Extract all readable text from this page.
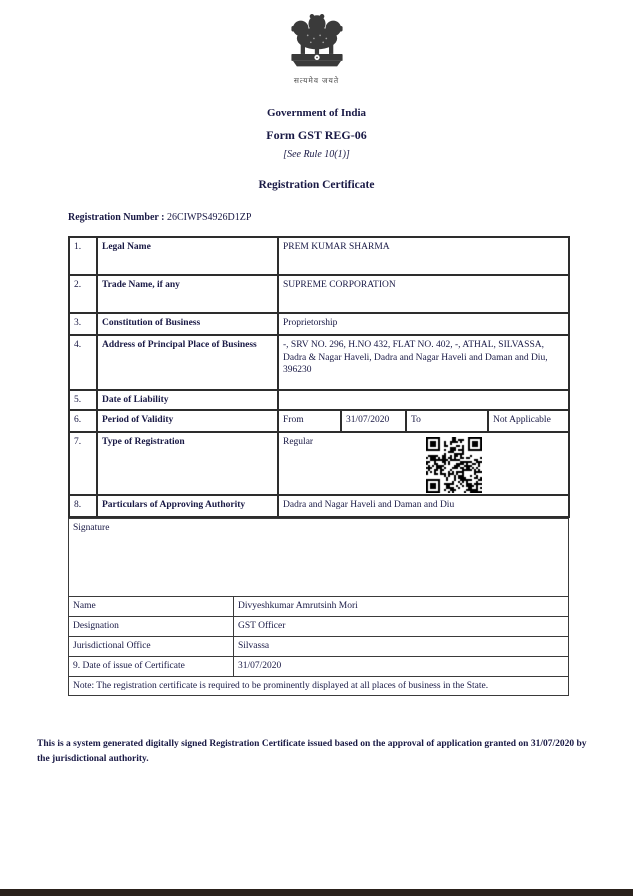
सत्यमेव जयते
Government of India
Form GST REG-06
[See Rule 10(1)]
Registration Certificate
Registration Number : 26CIWPS4926D1ZP
1.	Legal Name	PREM KUMAR SHARMA			
2.	Trade Name, if any	SUPREME CORPORATION			
3.	Constitution of Business	Proprietorship			
4.	Address of Principal Place of Business	-, SRV NO. 296, H.NO 432, FLAT NO. 402, -, ATHAL, SILVASSA, Dadra & Nagar Haveli, Dadra and Nagar Haveli and Daman and Diu, 396230			
5.	Date of Liability				
6.	Period of Validity	From	31/07/2020	To	Not Applicable
7.	Type of Registration	Regular			

8.	Particulars of Approving Authority	Dadra and Nagar Haveli and Daman and Diu			
Signature	
Name	Divyeshkumar Amrutsinh Mori
Designation	GST Officer
Jurisdictional Office	Silvassa
9. Date of issue of Certificate	31/07/2020
Note: The registration certificate is required to be prominently displayed at all places of business in the State.	
This is a system generated digitally signed Registration Certificate issued based on the approval of application granted on 31/07/2020 by the jurisdictional authority.
